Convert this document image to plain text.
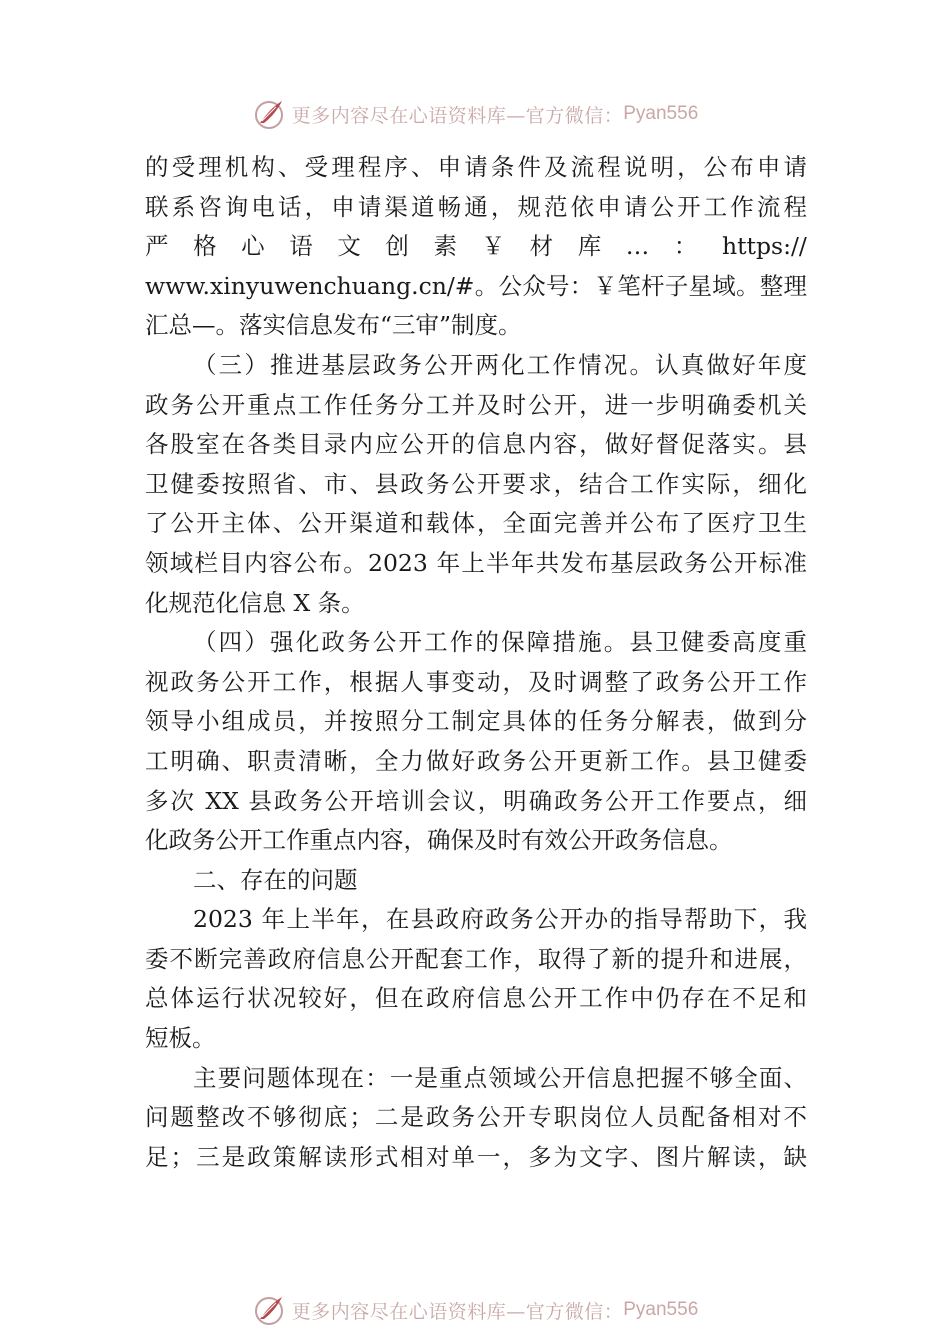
更多内容尽在心语资料库—官方微信： Pyan556
的受理机构、受理程序、申请条件及流程说明，公布申请
联系咨询电话，申请渠道畅通，规范依申请公开工作流程
严 格 心 语 文 创 素 ￥ 材 库 … ： https://
www.xinyuwenchuang.cn/#。公众号：￥笔杆子星域。整理
汇总—。落实信息发布“三审”制度。
（三）推进基层政务公开两化工作情况。认真做好年度
政务公开重点工作任务分工并及时公开，进一步明确委机关
各股室在各类目录内应公开的信息内容，做好督促落实。县
卫健委按照省、市、县政务公开要求，结合工作实际，细化
了公开主体、公开渠道和载体，全面完善并公布了医疗卫生
领域栏目内容公布。2023 年上半年共发布基层政务公开标准
化规范化信息 X 条。
（四）强化政务公开工作的保障措施。县卫健委高度重
视政务公开工作，根据人事变动，及时调整了政务公开工作
领导小组成员，并按照分工制定具体的任务分解表，做到分
工明确、职责清晰，全力做好政务公开更新工作。县卫健委
多次 XX 县政务公开培训会议，明确政务公开工作要点，细
化政务公开工作重点内容，确保及时有效公开政务信息。
二、存在的问题
2023 年上半年，在县政府政务公开办的指导帮助下，我
委不断完善政府信息公开配套工作，取得了新的提升和进展，
总体运行状况较好，但在政府信息公开工作中仍存在不足和
短板。
主要问题体现在：一是重点领域公开信息把握不够全面、
问题整改不够彻底；二是政务公开专职岗位人员配备相对不
足；三是政策解读形式相对单一，多为文字、图片解读，缺
更多内容尽在心语资料库—官方微信： Pyan556
